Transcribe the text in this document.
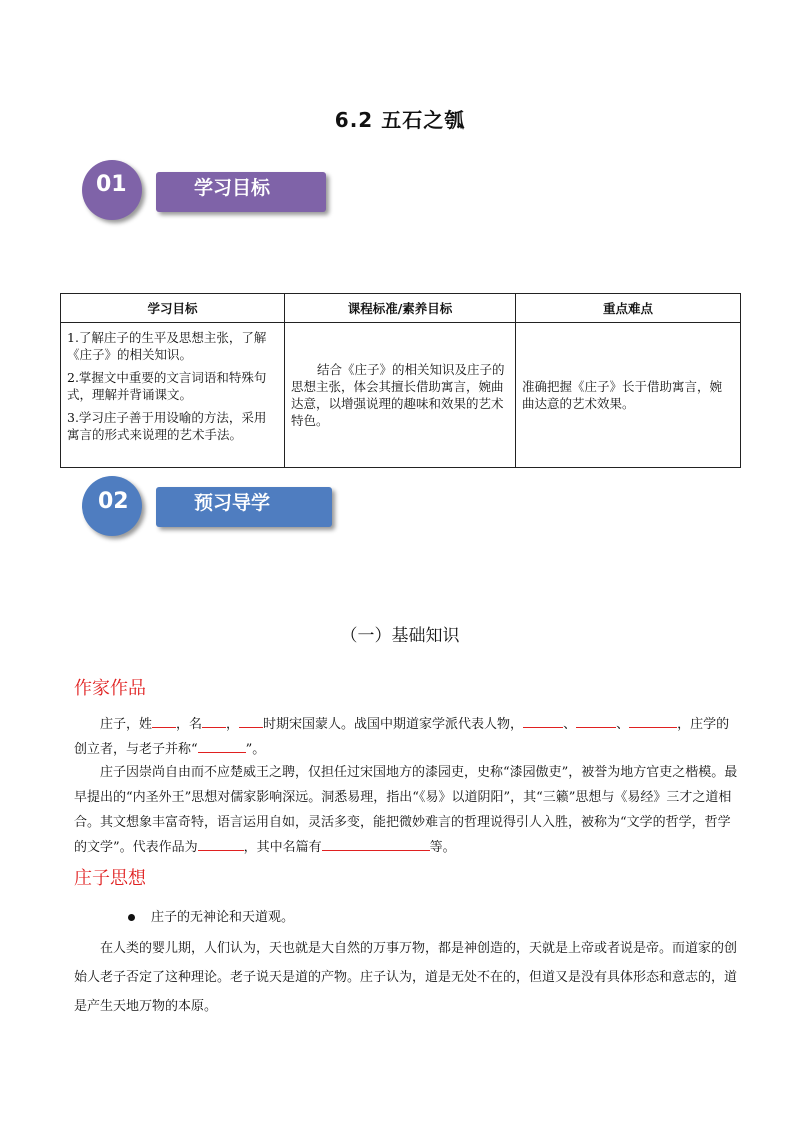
6.2 五石之瓠
学习目标
01
学习目标	课程标准/素养目标	重点难点

1.了解庄子的生平及思想主张，了解《庄子》的相关知识。
2.掌握文中重要的文言词语和特殊句式，理解并背诵课文。
3.学习庄子善于用设喻的方法，采用寓言的形式来说理的艺术手法。	结合《庄子》的相关知识及庄子的思想主张，体会其擅长借助寓言，婉曲达意，以增强说理的趣味和效果的艺术特色。	准确把握《庄子》长于借助寓言，婉曲达意的艺术效果。
预习导学
02
（一）基础知识
作家作品
庄子，姓 ，名 ， 时期宋国蒙人。战国中期道家学派代表人物，	、	、	，庄学的创立者，与老子并称“	”。
庄子因崇尚自由而不应楚威王之聘，仅担任过宋国地方的漆园吏，史称“漆园傲吏”，被誉为地方官吏之楷模。最早提出的“内圣外王”思想对儒家影响深远。洞悉易理，指出“《易》以道阴阳”，其“三籁”思想与《易经》三才之道相合。其文想象丰富奇特，语言运用自如，灵活多变，能把微妙难言的哲理说得引人入胜，被称为“文学的哲学，哲学的文学”。代表作品为	，其中名篇有	等。
庄子思想
庄子的无神论和天道观。
在人类的婴儿期，人们认为，天也就是大自然的万事万物，都是神创造的，天就是上帝或者说是帝。而道家的创始人老子否定了这种理论。老子说天是道的产物。庄子认为，道是无处不在的，但道又是没有具体形态和意志的，道是产生天地万物的本原。
